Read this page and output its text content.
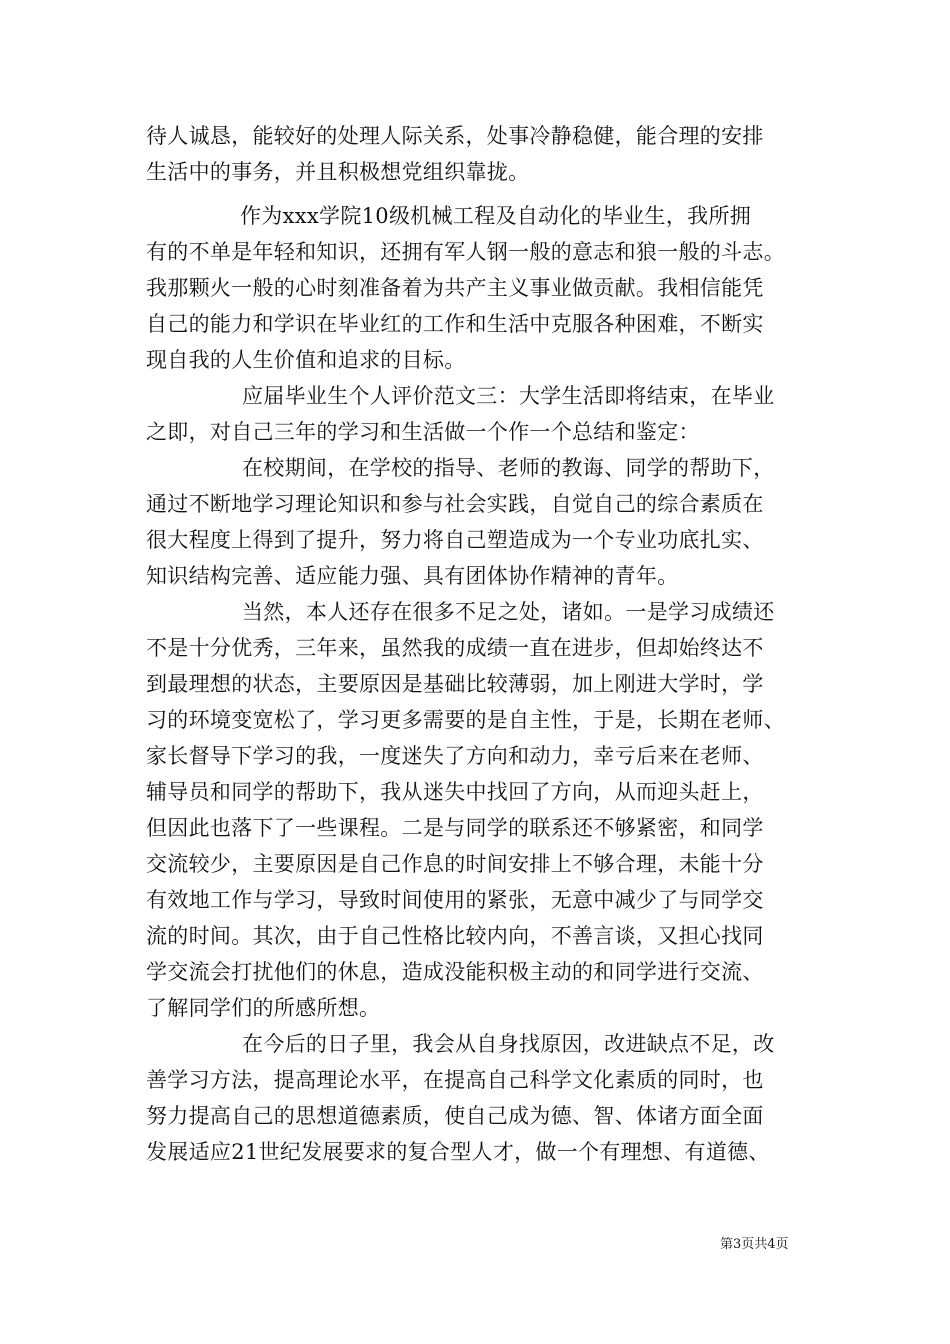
待人诚恳，能较好的处理人际关系，处事冷静稳健，能合理的安排
生活中的事务，并且积极想党组织靠拢。
作为xxx学院10级机械工程及自动化的毕业生，我所拥
有的不单是年轻和知识，还拥有军人钢一般的意志和狼一般的斗志。
我那颗火一般的心时刻准备着为共产主义事业做贡献。我相信能凭
自己的能力和学识在毕业红的工作和生活中克服各种困难，不断实
现自我的人生价值和追求的目标。
应届毕业生个人评价范文三：大学生活即将结束，在毕业
之即，对自己三年的学习和生活做一个作一个总结和鉴定：
在校期间，在学校的指导、老师的教诲、同学的帮助下，
通过不断地学习理论知识和参与社会实践，自觉自己的综合素质在
很大程度上得到了提升，努力将自己塑造成为一个专业功底扎实、
知识结构完善、适应能力强、具有团体协作精神的青年。
当然，本人还存在很多不足之处，诸如。一是学习成绩还
不是十分优秀，三年来，虽然我的成绩一直在进步，但却始终达不
到最理想的状态，主要原因是基础比较薄弱，加上刚进大学时，学
习的环境变宽松了，学习更多需要的是自主性，于是，长期在老师、
家长督导下学习的我，一度迷失了方向和动力，幸亏后来在老师、
辅导员和同学的帮助下，我从迷失中找回了方向，从而迎头赶上，
但因此也落下了一些课程。二是与同学的联系还不够紧密，和同学
交流较少，主要原因是自己作息的时间安排上不够合理，未能十分
有效地工作与学习，导致时间使用的紧张，无意中减少了与同学交
流的时间。其次，由于自己性格比较内向，不善言谈，又担心找同
学交流会打扰他们的休息，造成没能积极主动的和同学进行交流、
了解同学们的所感所想。
在今后的日子里，我会从自身找原因，改进缺点不足，改
善学习方法，提高理论水平，在提高自己科学文化素质的同时，也
努力提高自己的思想道德素质，使自己成为德、智、体诸方面全面
发展适应21世纪发展要求的复合型人才，做一个有理想、有道德、
第3页共4页
